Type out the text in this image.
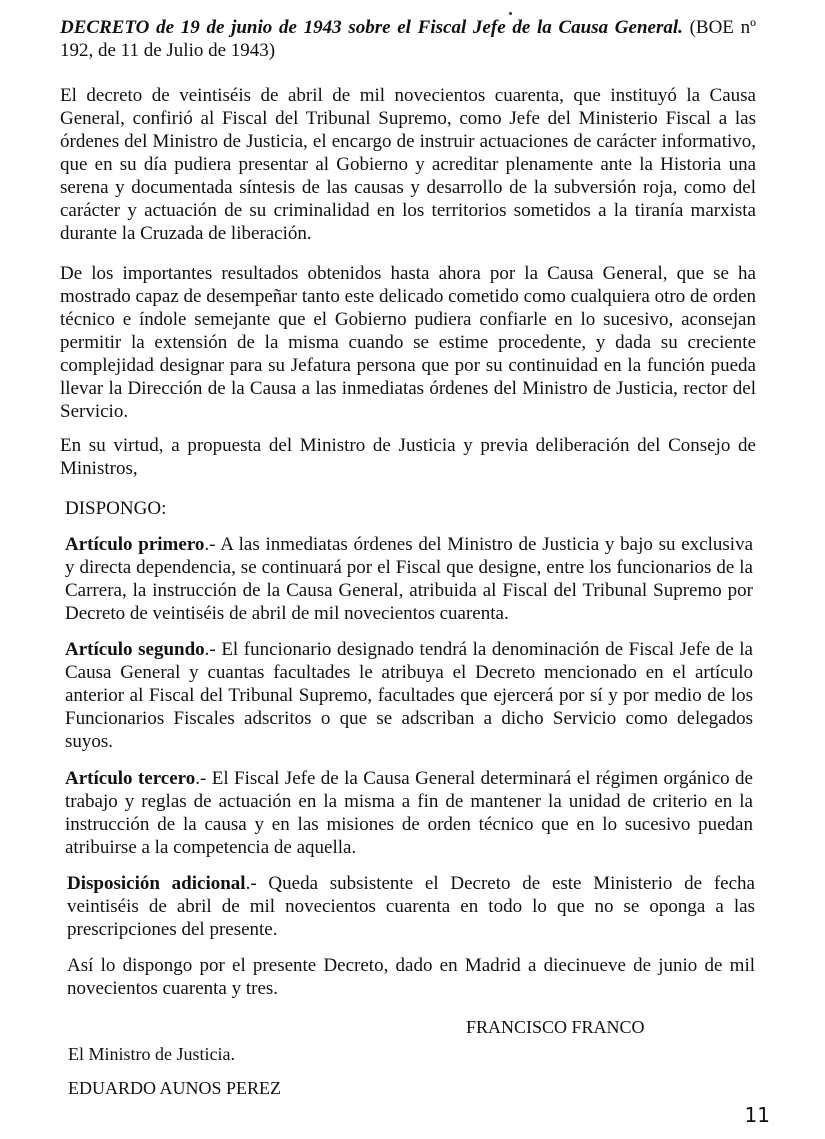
DECRETO de 19 de junio de 1943 sobre el Fiscal Jefe de la Causa General. (BOE nº 192, de 11 de Julio de 1943)

El decreto de veintiséis de abril de mil novecientos cuarenta, que instituyó la Causa General, confirió al Fiscal del Tribunal Supremo, como Jefe del Ministerio Fiscal a las órdenes del Ministro de Justicia, el encargo de instruir actuaciones de carácter informativo, que en su día pudiera presentar al Gobierno y acreditar plenamente ante la Historia una serena y documentada síntesis de las causas y desarrollo de la subversión roja, como del carácter y actuación de su criminalidad en los territorios sometidos a la tiranía marxista durante la Cruzada de liberación.

De los importantes resultados obtenidos hasta ahora por la Causa General, que se ha mostrado capaz de desempeñar tanto este delicado cometido como cualquiera otro de orden técnico e índole semejante que el Gobierno pudiera confiarle en lo sucesivo, aconsejan permitir la extensión de la misma cuando se estime procedente, y dada su creciente complejidad designar para su Jefatura persona que por su continuidad en la función pueda llevar la Dirección de la Causa a las inmediatas órdenes del Ministro de Justicia, rector del Servicio.

En su virtud, a propuesta del Ministro de Justicia y previa deliberación del Consejo de Ministros,

DISPONGO:

Artículo primero.- A las inmediatas órdenes del Ministro de Justicia y bajo su exclusiva y directa dependencia, se continuará por el Fiscal que designe, entre los funcionarios de la Carrera, la instrucción de la Causa General, atribuida al Fiscal del Tribunal Supremo por Decreto de veintiséis de abril de mil novecientos cuarenta.

Artículo segundo.- El funcionario designado tendrá la denominación de Fiscal Jefe de la Causa General y cuantas facultades le atribuya el Decreto mencionado en el artículo anterior al Fiscal del Tribunal Supremo, facultades que ejercerá por sí y por medio de los Funcionarios Fiscales adscritos o que se adscriban a dicho Servicio como delegados suyos.

Artículo tercero.- El Fiscal Jefe de la Causa General determinará el régimen orgánico de trabajo y reglas de actuación en la misma a fin de mantener la unidad de criterio en la instrucción de la causa y en las misiones de orden técnico que en lo sucesivo puedan atribuirse a la competencia de aquella.

Disposición adicional.- Queda subsistente el Decreto de este Ministerio de fecha veintiséis de abril de mil novecientos cuarenta en todo lo que no se oponga a las prescripciones del presente.

Así lo dispongo por el presente Decreto, dado en Madrid a diecinueve de junio de mil novecientos cuarenta y tres.

FRANCISCO FRANCO

El Ministro de Justicia.

EDUARDO AUNOS PEREZ

11
